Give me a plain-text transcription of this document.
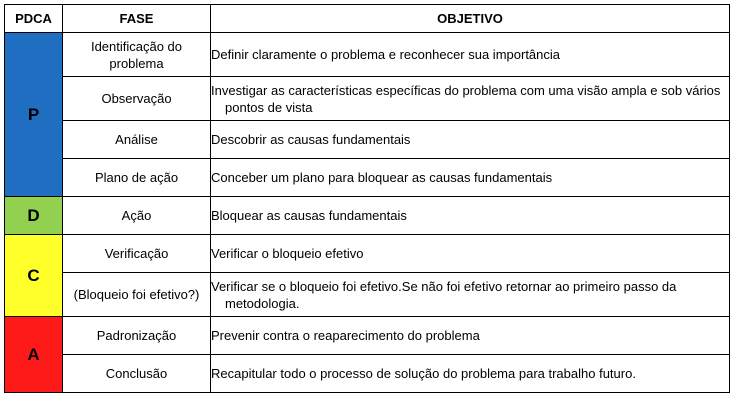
PDCA	FASE	OBJETIVO
P	Identificação do problema	Definir claramente o problema e reconhecer sua importância

	Observação	Investigar as características específicas do problema com uma visão ampla e sob vários pontos de vista

	Análise	Descobrir as causas fundamentais

	Plano de ação	Conceber um plano para bloquear as causas fundamentais

D	Ação	Bloquear as causas fundamentais

C	Verificação	Verificar o bloqueio efetivo

	(Bloqueio foi efetivo?)	Verificar se o bloqueio foi efetivo.Se não foi efetivo retornar ao primeiro passo da metodologia.

A	Padronização	Prevenir contra o reaparecimento do problema

	Conclusão	Recapitular todo o processo de solução do problema para trabalho futuro.
